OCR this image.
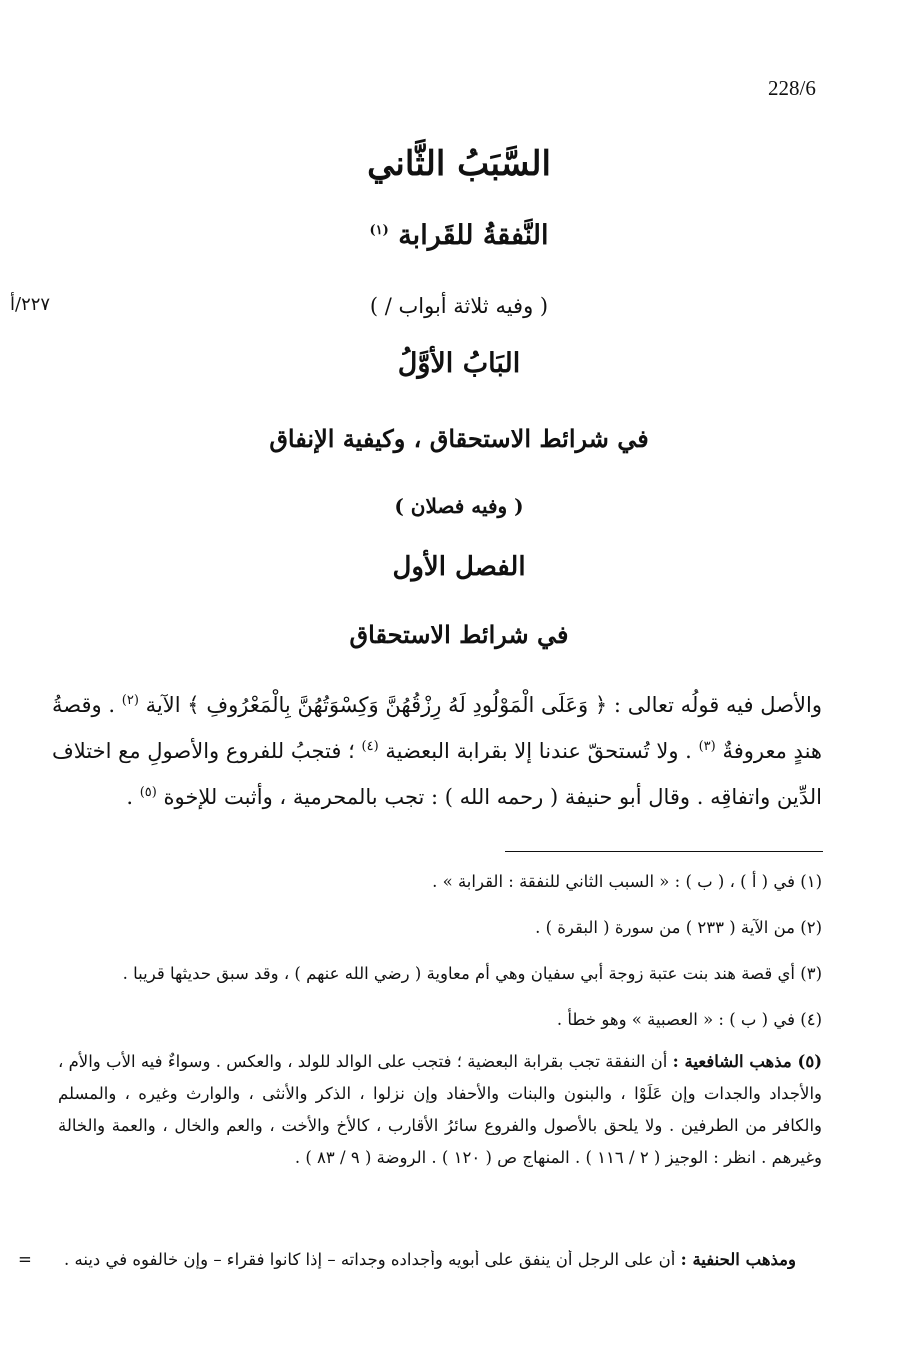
228/6
٢٢٧/أ
السَّبَبُ الثَّاني
النَّفقةُ للقَرابة $^{(١)}$
( وفيه ثلاثة أبواب / )
البَابُ الأوَّلُ
في شرائط الاستحقاق ، وكيفية الإنفاق
( وفيه فصلان )
الفصل الأول
في شرائط الاستحقاق
والأصل فيه قولُه تعالى : ﴿ وَعَلَى الْمَوْلُودِ لَهُ رِزْقُهُنَّ وَكِسْوَتُهُنَّ بِالْمَعْرُوفِ ﴾ الآية $^{(٢)}$ . وقصةُ هندٍ معروفةٌ $^{(٣)}$ . ولا تُستحقّ عندنا إلا بقرابة البعضية $^{(٤)}$ ؛ فتجبُ للفروع والأصولِ مع اختلاف الدِّين واتفاقِه . وقال أبو حنيفة ( رحمه الله ) : تجب بالمحرمية ، وأثبت للإخوة $^{(٥)}$ .
(١) في ( أ ) ، ( ب ) : « السبب الثاني للنفقة : القرابة » .
(٢) من الآية ( ٢٣٣ ) من سورة ( البقرة ) .
(٣) أي قصة هند بنت عتبة زوجة أبي سفيان وهي أم معاوية ( رضي الله عنهم ) ، وقد سبق حديثها قريبا .
(٤) في ( ب ) : « العصبية » وهو خطأ .
(٥) مذهب الشافعية : أن النفقة تجب بقرابة البعضية ؛ فتجب على الوالد للولد ، والعكس . وسواءٌ فيه الأب والأم ، والأجداد والجدات وإن عَلَوْا ، والبنون والبنات والأحفاد وإن نزلوا ، الذكر والأنثى ، والوارث وغيره ، والمسلم والكافر من الطرفين . ولا يلحق بالأصول والفروع سائرُ الأقارب ، كالأخ والأخت ، والعم والخال ، والعمة والخالة وغيرهم . انظر : الوجيز ( ٢ / ١١٦ ) . المنهاج ص ( ١٢٠ ) . الروضة ( ٩ / ٨٣ ) .
ومذهب الحنفية : أن على الرجل أن ينفق على أبويه وأجداده وجداته – إذا كانوا فقراء – وإن خالفوه في دينه .
=
